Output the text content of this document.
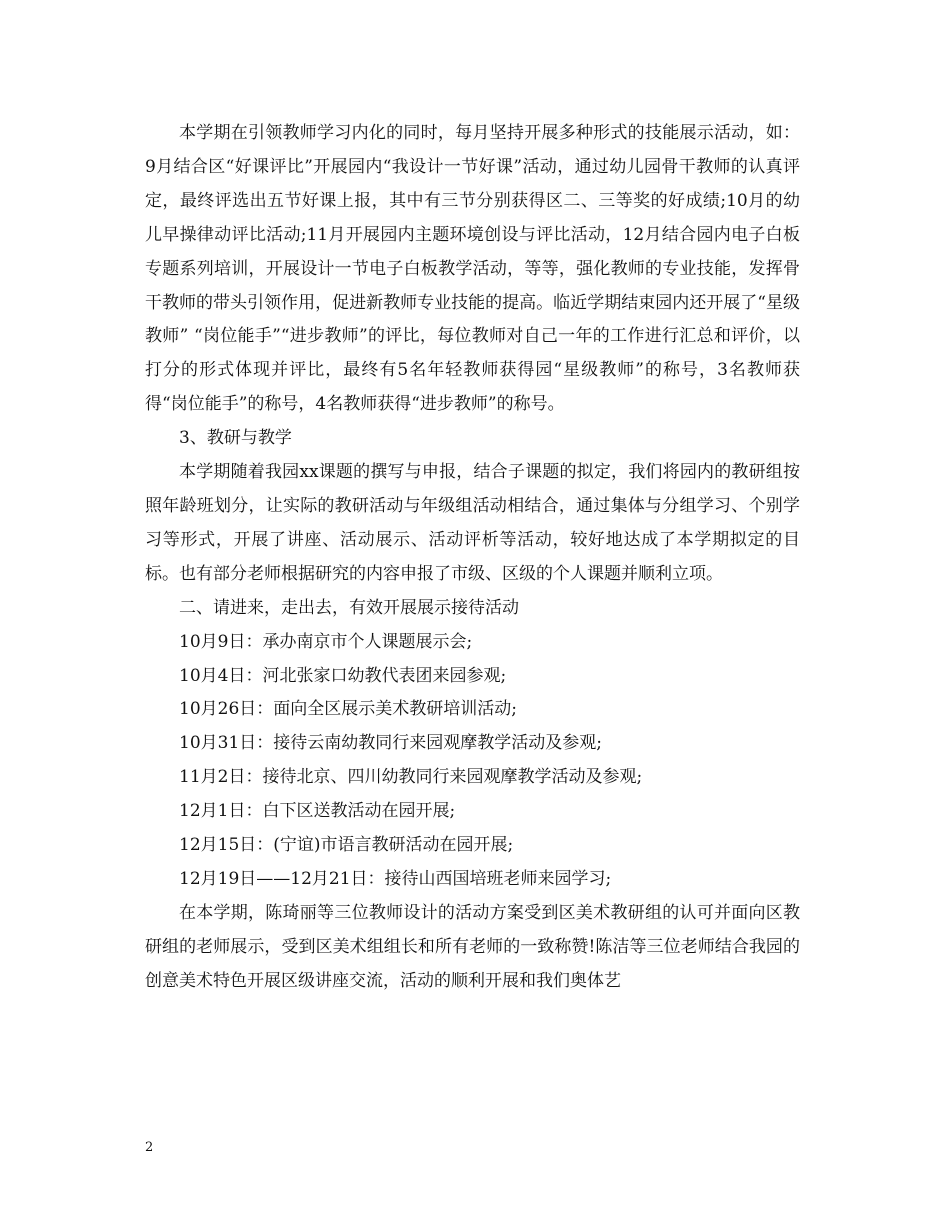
本学期在引领教师学习内化的同时，每月坚持开展多种形式的技能展示活动，如：9月结合区“好课评比”开展园内“我设计一节好课”活动，通过幼儿园骨干教师的认真评定，最终评选出五节好课上报，其中有三节分别获得区二、三等奖的好成绩;10月的幼儿早操律动评比活动;11月开展园内主题环境创设与评比活动，12月结合园内电子白板专题系列培训，开展设计一节电子白板教学活动，等等，强化教师的专业技能，发挥骨干教师的带头引领作用，促进新教师专业技能的提高。临近学期结束园内还开展了“星级教师” “岗位能手”“进步教师”的评比，每位教师对自己一年的工作进行汇总和评价，以打分的形式体现并评比，最终有5名年轻教师获得园“星级教师”的称号，3名教师获得“岗位能手”的称号，4名教师获得“进步教师”的称号。

3、教研与教学

本学期随着我园xx课题的撰写与申报，结合子课题的拟定，我们将园内的教研组按照年龄班划分，让实际的教研活动与年级组活动相结合，通过集体与分组学习、个别学习等形式，开展了讲座、活动展示、活动评析等活动，较好地达成了本学期拟定的目标。也有部分老师根据研究的内容申报了市级、区级的个人课题并顺利立项。

二、请进来，走出去，有效开展展示接待活动

10月9日：承办南京市个人课题展示会;

10月4日：河北张家口幼教代表团来园参观;

10月26日：面向全区展示美术教研培训活动;

10月31日：接待云南幼教同行来园观摩教学活动及参观;

11月2日：接待北京、四川幼教同行来园观摩教学活动及参观;

12月1日：白下区送教活动在园开展;

12月15日：(宁谊)市语言教研活动在园开展;

12月19日——12月21日：接待山西国培班老师来园学习;

在本学期，陈琦丽等三位教师设计的活动方案受到区美术教研组的认可并面向区教研组的老师展示，受到区美术组组长和所有老师的一致称赞!陈洁等三位老师结合我园的创意美术特色开展区级讲座交流，活动的顺利开展和我们奥体艺

2
